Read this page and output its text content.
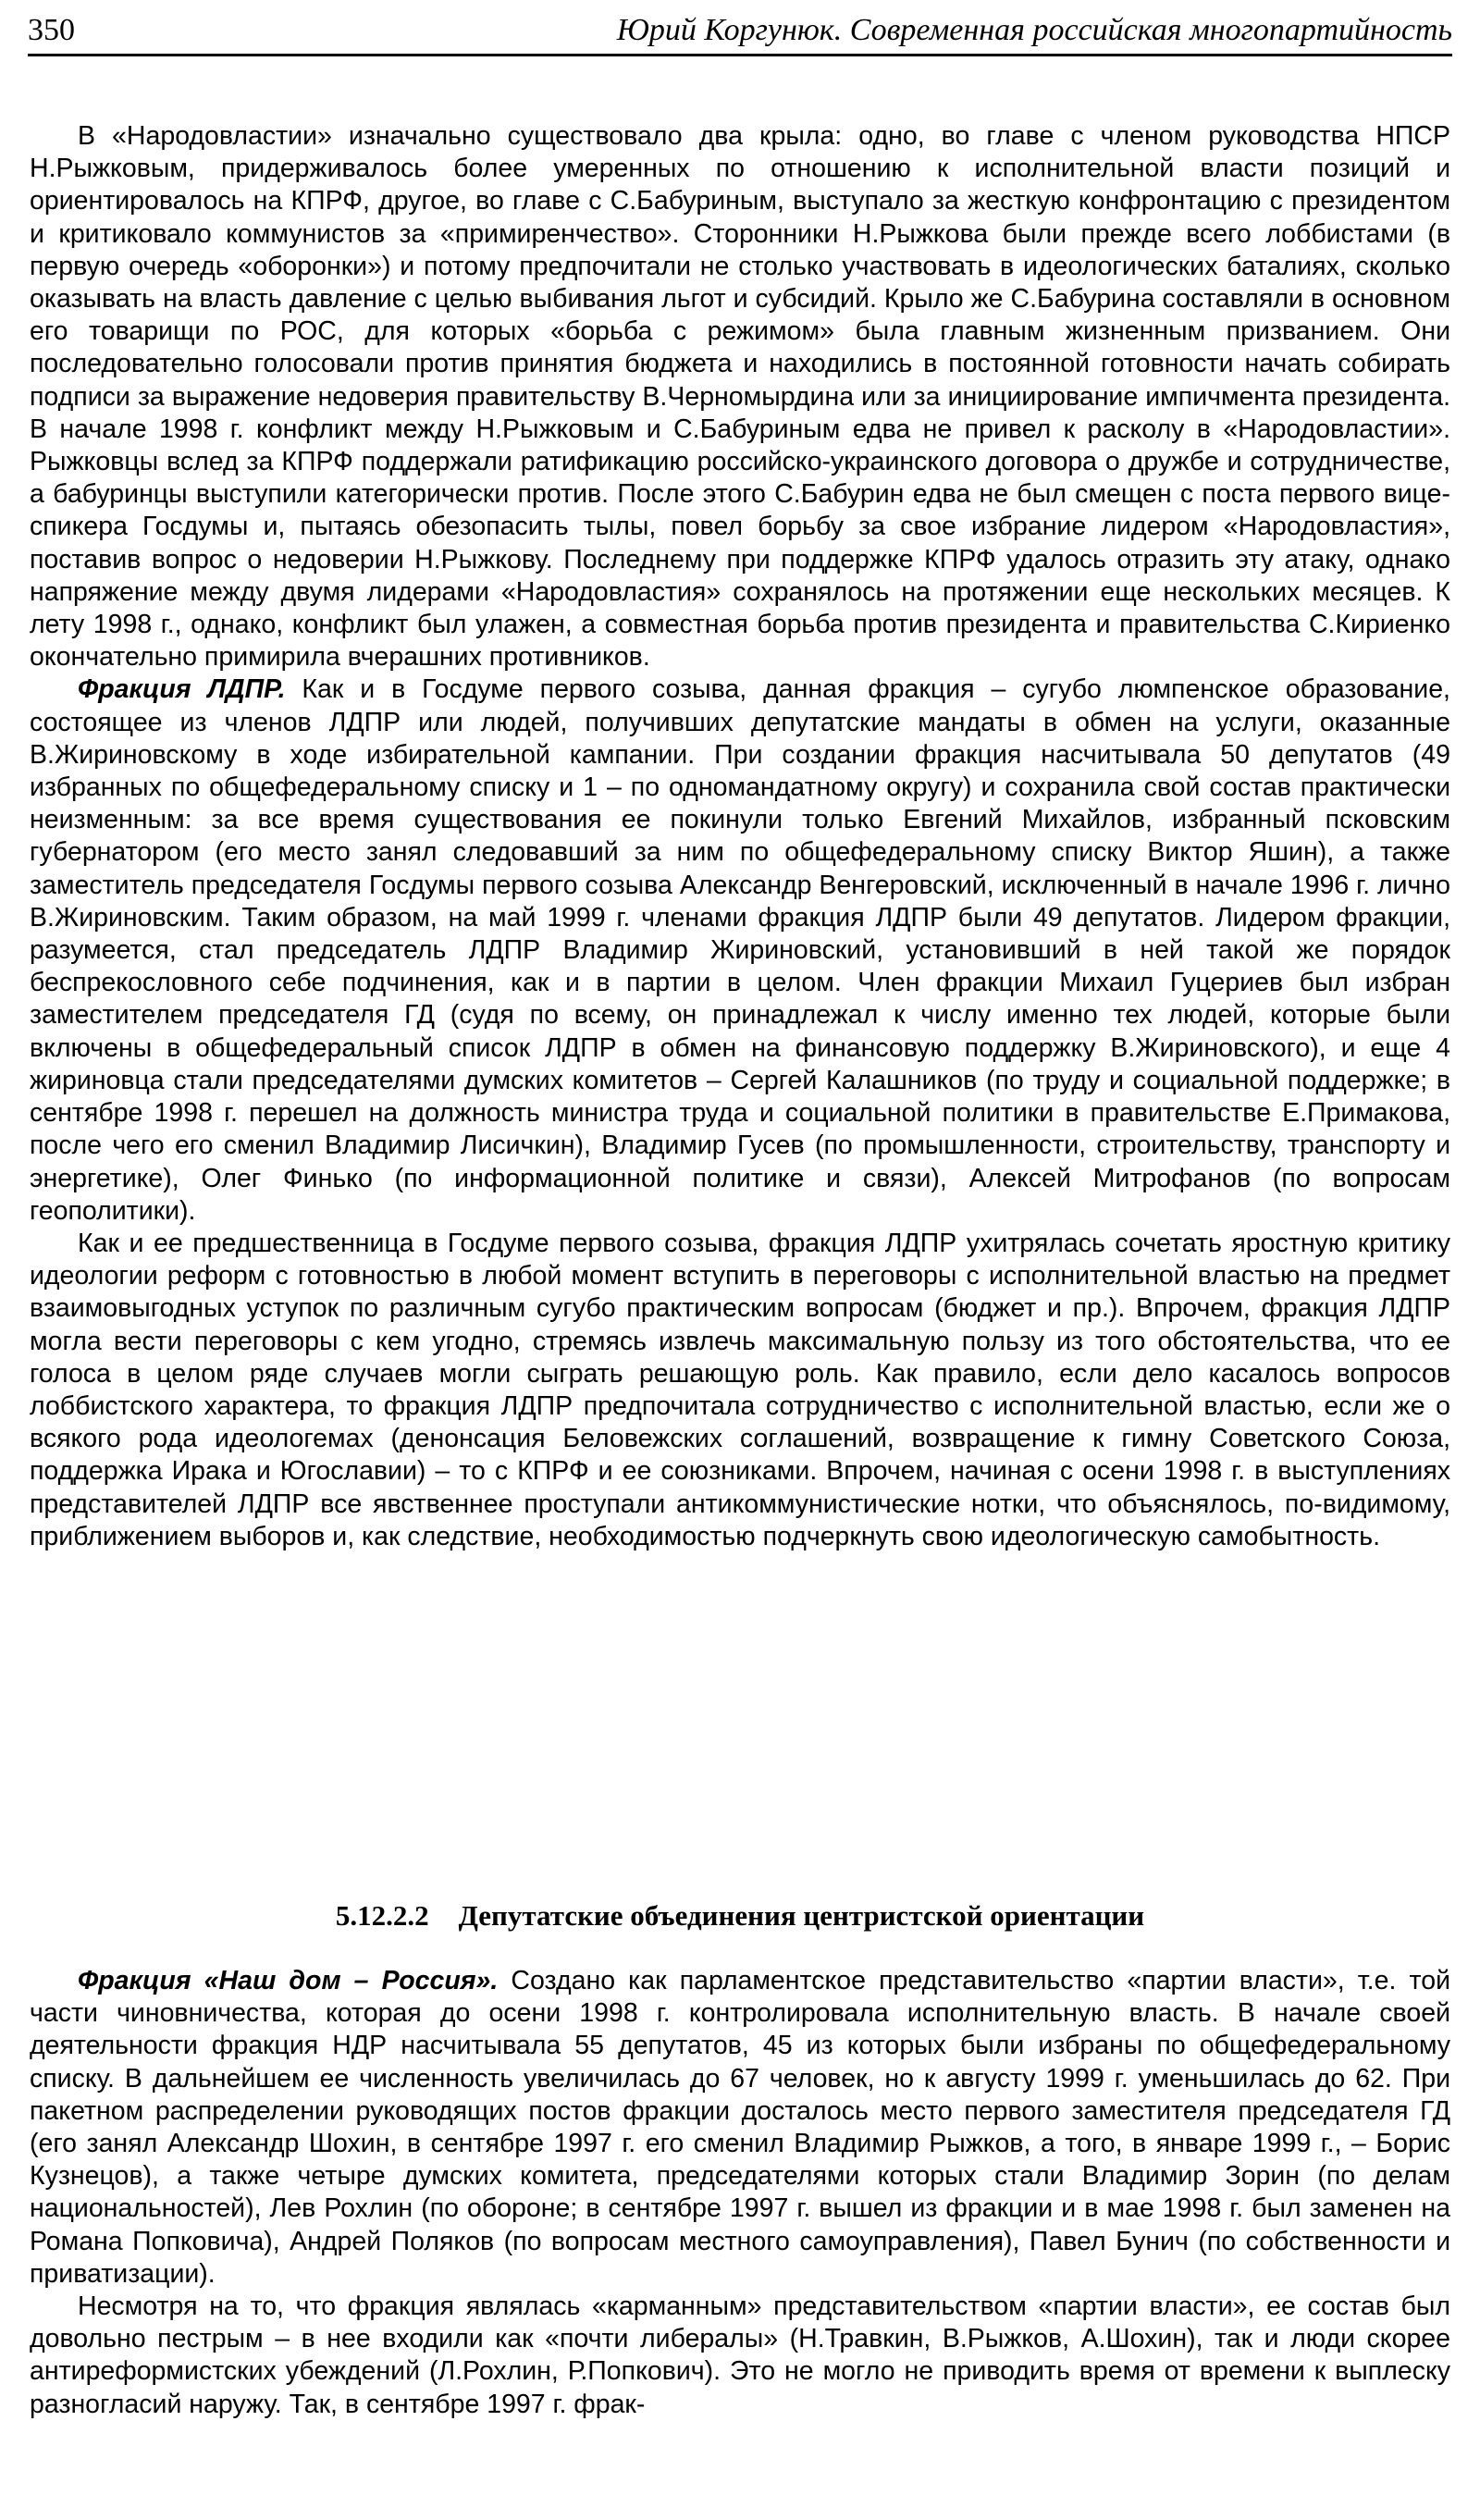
350	Юрий Коргунюк. Современная российская многопартийность

В «Народовластии» изначально существовало два крыла: одно, во главе с членом руководства НПСР Н.Рыжковым, придерживалось более умеренных по отношению к исполнительной власти позиций и ориентировалось на КПРФ, другое, во главе с С.Бабуриным, выступало за жесткую конфронтацию с президентом и критиковало коммунистов за «примиренчество». Сторонники Н.Рыжкова были прежде всего лоббистами (в первую очередь «оборонки») и потому предпочитали не столько участвовать в идеологических баталиях, сколько оказывать на власть давление с целью выбивания льгот и субсидий. Крыло же С.Бабурина составляли в основном его товарищи по РОС, для которых «борьба с режимом» была главным жизненным призванием. Они последовательно голосовали против принятия бюджета и находились в постоянной готовности начать собирать подписи за выражение недоверия правительству В.Черномырдина или за инициирование импичмента президента. В начале 1998 г. конфликт между Н.Рыжковым и С.Бабуриным едва не привел к расколу в «Народовластии». Рыжковцы вслед за КПРФ поддержали ратификацию российско-украинского договора о дружбе и сотрудничестве, а бабуринцы выступили категорически против. После этого С.Бабурин едва не был смещен с поста первого вице-спикера Госдумы и, пытаясь обезопасить тылы, повел борьбу за свое избрание лидером «Народовластия», поставив вопрос о недоверии Н.Рыжкову. Последнему при поддержке КПРФ удалось отразить эту атаку, однако напряжение между двумя лидерами «Народовластия» сохранялось на протяжении еще нескольких месяцев. К лету 1998 г., однако, конфликт был улажен, а совместная борьба против президента и правительства С.Кириенко окончательно примирила вчерашних противников.

Фракция ЛДПР. Как и в Госдуме первого созыва, данная фракция – сугубо люмпенское образование, состоящее из членов ЛДПР или людей, получивших депутатские мандаты в обмен на услуги, оказанные В.Жириновскому в ходе избирательной кампании. При создании фракция насчитывала 50 депутатов (49 избранных по общефедеральному списку и 1 – по одномандатному округу) и сохранила свой состав практически неизменным: за все время существования ее покинули только Евгений Михайлов, избранный псковским губернатором (его место занял следовавший за ним по общефедеральному списку Виктор Яшин), а также заместитель председателя Госдумы первого созыва Александр Венгеровский, исключенный в начале 1996 г. лично В.Жириновским. Таким образом, на май 1999 г. членами фракция ЛДПР были 49 депутатов. Лидером фракции, разумеется, стал председатель ЛДПР Владимир Жириновский, установивший в ней такой же порядок беспрекословного себе подчинения, как и в партии в целом. Член фракции Михаил Гуцериев был избран заместителем председателя ГД (судя по всему, он принадлежал к числу именно тех людей, которые были включены в общефедеральный список ЛДПР в обмен на финансовую поддержку В.Жириновского), и еще 4 жириновца стали председателями думских комитетов – Сергей Калашников (по труду и социальной поддержке; в сентябре 1998 г. перешел на должность министра труда и социальной политики в правительстве Е.Примакова, после чего его сменил Владимир Лисичкин), Владимир Гусев (по промышленности, строительству, транспорту и энергетике), Олег Финько (по информационной политике и связи), Алексей Митрофанов (по вопросам геополитики).

Как и ее предшественница в Госдуме первого созыва, фракция ЛДПР ухитрялась сочетать яростную критику идеологии реформ с готовностью в любой момент вступить в переговоры с исполнительной властью на предмет взаимовыгодных уступок по различным сугубо практическим вопросам (бюджет и пр.). Впрочем, фракция ЛДПР могла вести переговоры с кем угодно, стремясь извлечь максимальную пользу из того обстоятельства, что ее голоса в целом ряде случаев могли сыграть решающую роль. Как правило, если дело касалось вопросов лоббистского характера, то фракция ЛДПР предпочитала сотрудничество с исполнительной властью, если же о всякого рода идеологемах (денонсация Беловежских соглашений, возвращение к гимну Советского Союза, поддержка Ирака и Югославии) – то с КПРФ и ее союзниками. Впрочем, начиная с осени 1998 г. в выступлениях представителей ЛДПР все явственнее проступали антикоммунистические нотки, что объяснялось, по-видимому, приближением выборов и, как следствие, необходимостью подчеркнуть свою идеологическую самобытность.

5.12.2.2 Депутатские объединения центристской ориентации

Фракция «Наш дом – Россия». Создано как парламентское представительство «партии власти», т.е. той части чиновничества, которая до осени 1998 г. контролировала исполнительную власть. В начале своей деятельности фракция НДР насчитывала 55 депутатов, 45 из которых были избраны по общефедеральному списку. В дальнейшем ее численность увеличилась до 67 человек, но к августу 1999 г. уменьшилась до 62. При пакетном распределении руководящих постов фракции досталось место первого заместителя председателя ГД (его занял Александр Шохин, в сентябре 1997 г. его сменил Владимир Рыжков, а того, в январе 1999 г., – Борис Кузнецов), а также четыре думских комитета, председателями которых стали Владимир Зорин (по делам национальностей), Лев Рохлин (по обороне; в сентябре 1997 г. вышел из фракции и в мае 1998 г. был заменен на Романа Попковича), Андрей Поляков (по вопросам местного самоуправления), Павел Бунич (по собственности и приватизации).

Несмотря на то, что фракция являлась «карманным» представительством «партии власти», ее состав был довольно пестрым – в нее входили как «почти либералы» (Н.Травкин, В.Рыжков, А.Шохин), так и люди скорее антиреформистских убеждений (Л.Рохлин, Р.Попкович). Это не могло не приводить время от времени к выплеску разногласий наружу. Так, в сентябре 1997 г. фрак-
